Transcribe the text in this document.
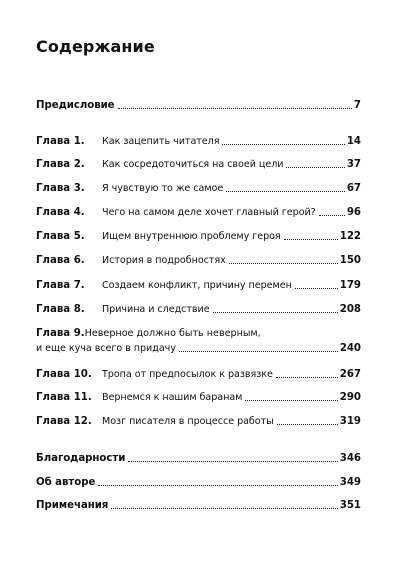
Содержание
Предисловие	7
Глава 1.	Как зацепить читателя	14
Глава 2.	Как сосредоточиться на своей цели	37
Глава 3.	Я чувствую то же самое	67
Глава 4.	Чего на самом деле хочет главный герой?	96
Глава 5.	Ищем внутреннюю проблему героя	122
Глава 6.	История в подробностях	150
Глава 7.	Создаем конфликт, причину перемен	179
Глава 8.	Причина и следствие	208
Глава 9. Неверное должно быть неверным,
и еще куча всего в придачу	240
Глава 10.	Тропа от предпосылок к развязке	267
Глава 11.	Вернемся к нашим баранам	290
Глава 12.	Мозг писателя в процессе работы	319
Благодарности	346
Об авторе	349
Примечания	351
